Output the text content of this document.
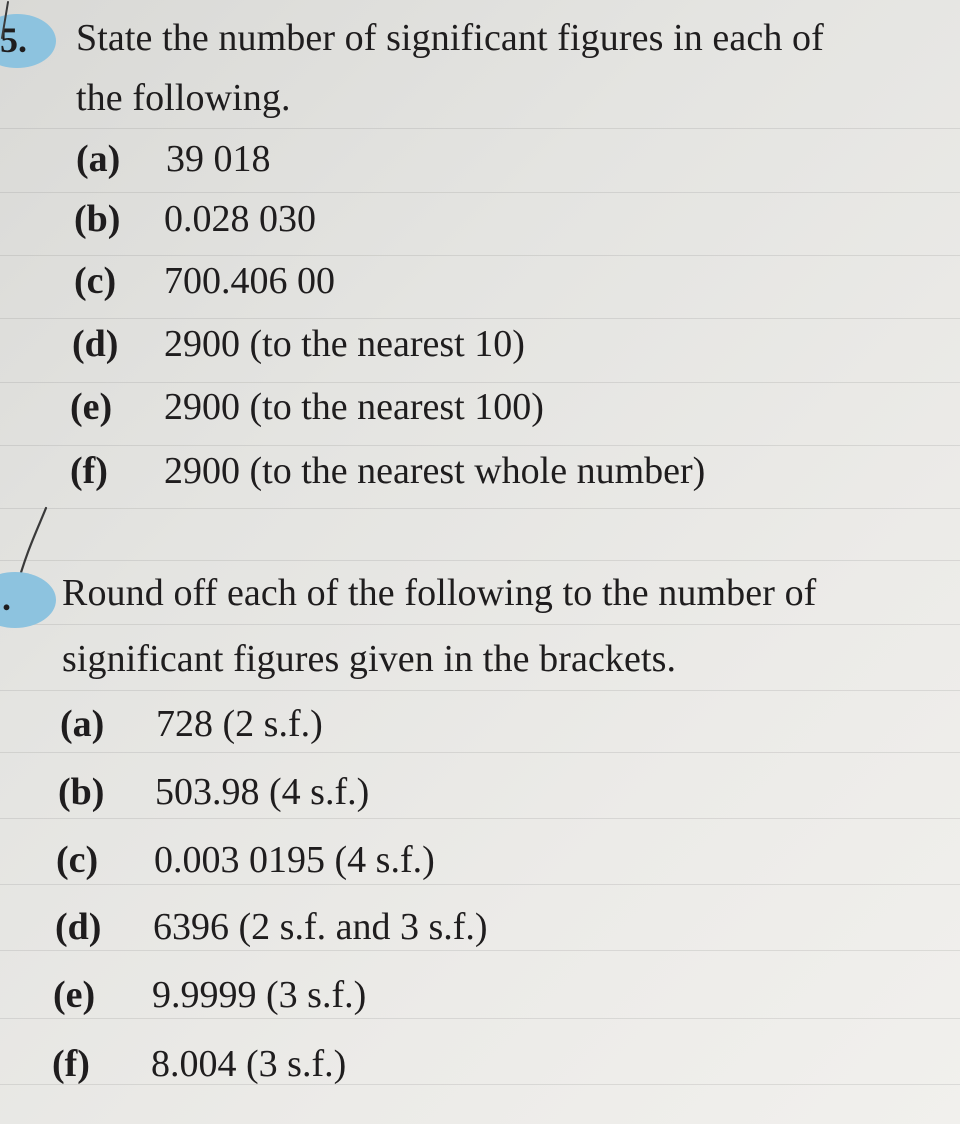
5. State the number of significant figures in each of
the following.
(a) 39 018
(b) 0.028 030
(c) 700.406 00
(d) 2900 (to the nearest 10)
(e) 2900 (to the nearest 100)
(f) 2900 (to the nearest whole number)
. Round off each of the following to the number of
significant figures given in the brackets.
(a) 728 (2 s.f.)
(b) 503.98 (4 s.f.)
(c) 0.003 0195 (4 s.f.)
(d) 6396 (2 s.f. and 3 s.f.)
(e) 9.9999 (3 s.f.)
(f) 8.004 (3 s.f.)
